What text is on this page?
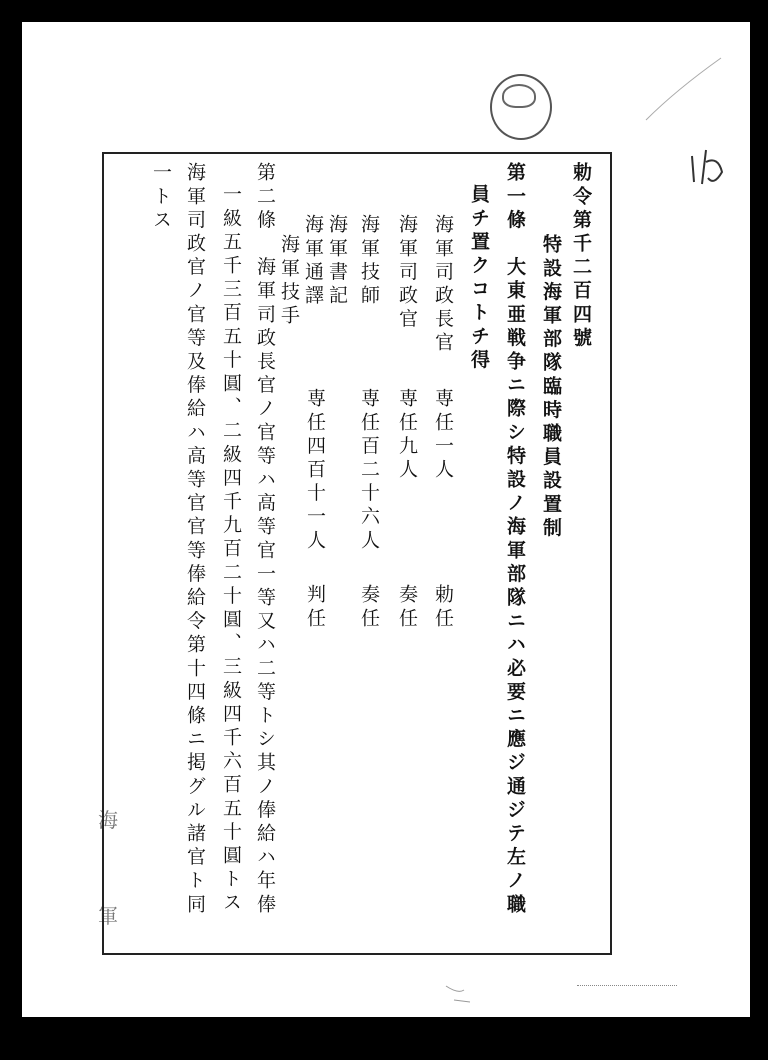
海
軍
勅令第千二百四號
特設海軍部隊臨時職員設置制
第一條　大東亜戦争ニ際シ特設ノ海軍部隊ニハ必要ニ應ジ通ジテ左ノ職
員チ置クコトチ得
海軍司政長官
専任一人
勅任
海軍司政官
専任九人
奏任
海軍技師
専任百二十六人
奏任
海軍書記
海軍通譯
海軍技手
専任四百十一人
判任
第二條　海軍司政長官ノ官等ハ高等官一等又ハ二等トシ其ノ俸給ハ年俸
一級五千三百五十圓、二級四千九百二十圓、三級四千六百五十圓トス
海軍司政官ノ官等及俸給ハ高等官官等俸給令第十四條ニ掲グル諸官ト同
一トス
